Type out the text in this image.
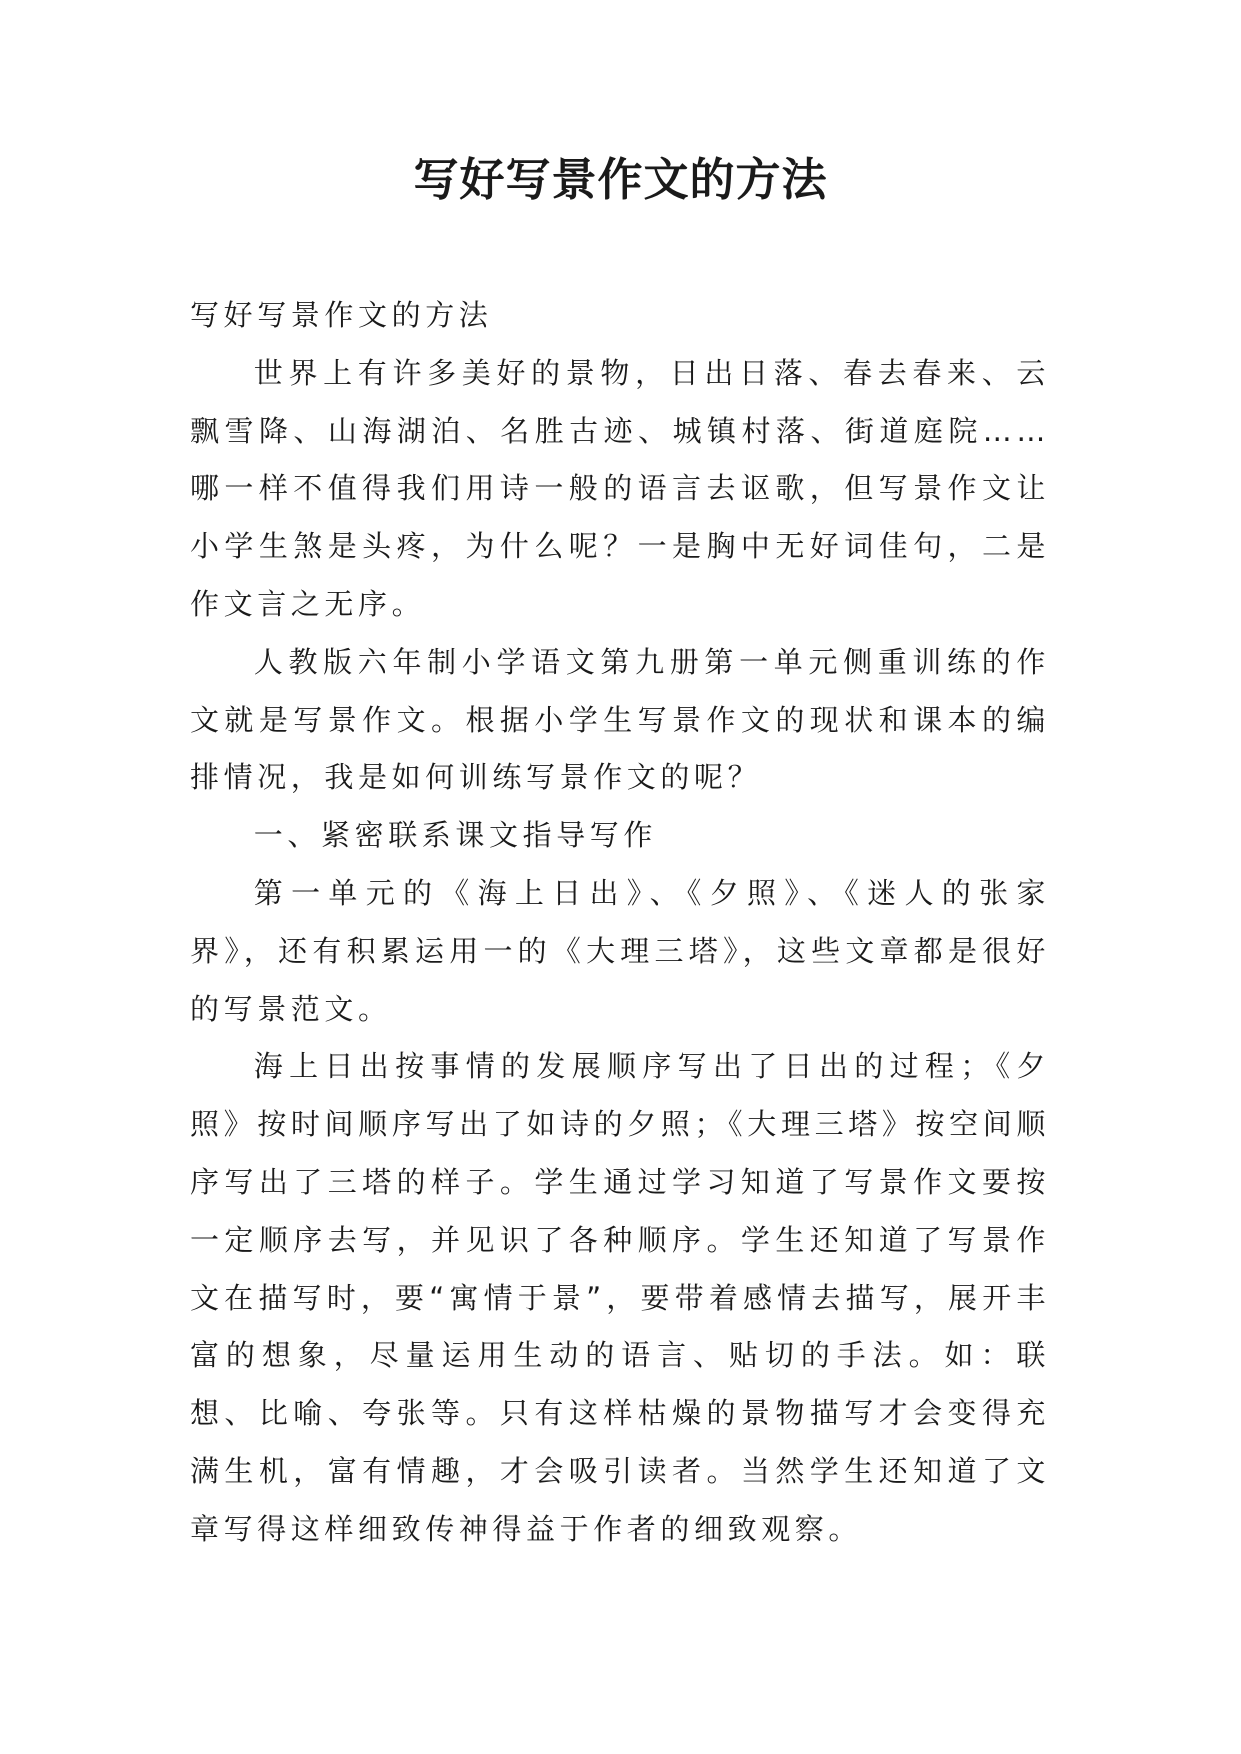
写好写景作文的方法

写好写景作文的方法

世界上有许多美好的景物，日出日落、春去春来、云飘雪降、山海湖泊、名胜古迹、城镇村落、街道庭院……哪一样不值得我们用诗一般的语言去讴歌，但写景作文让小学生煞是头疼，为什么呢？一是胸中无好词佳句，二是作文言之无序。

人教版六年制小学语文第九册第一单元侧重训练的作文就是写景作文。根据小学生写景作文的现状和课本的编排情况，我是如何训练写景作文的呢？

一、紧密联系课文指导写作

第一单元的《海上日出》、《夕照》、《迷人的张家界》，还有积累运用一的《大理三塔》，这些文章都是很好的写景范文。

海上日出按事情的发展顺序写出了日出的过程；《夕照》按时间顺序写出了如诗的夕照；《大理三塔》按空间顺序写出了三塔的样子。学生通过学习知道了写景作文要按一定顺序去写，并见识了各种顺序。学生还知道了写景作文在描写时，要“寓情于景”，要带着感情去描写，展开丰富的想象，尽量运用生动的语言、贴切的手法。如：联想、比喻、夸张等。只有这样枯燥的景物描写才会变得充满生机，富有情趣，才会吸引读者。当然学生还知道了文章写得这样细致传神得益于作者的细致观察。
